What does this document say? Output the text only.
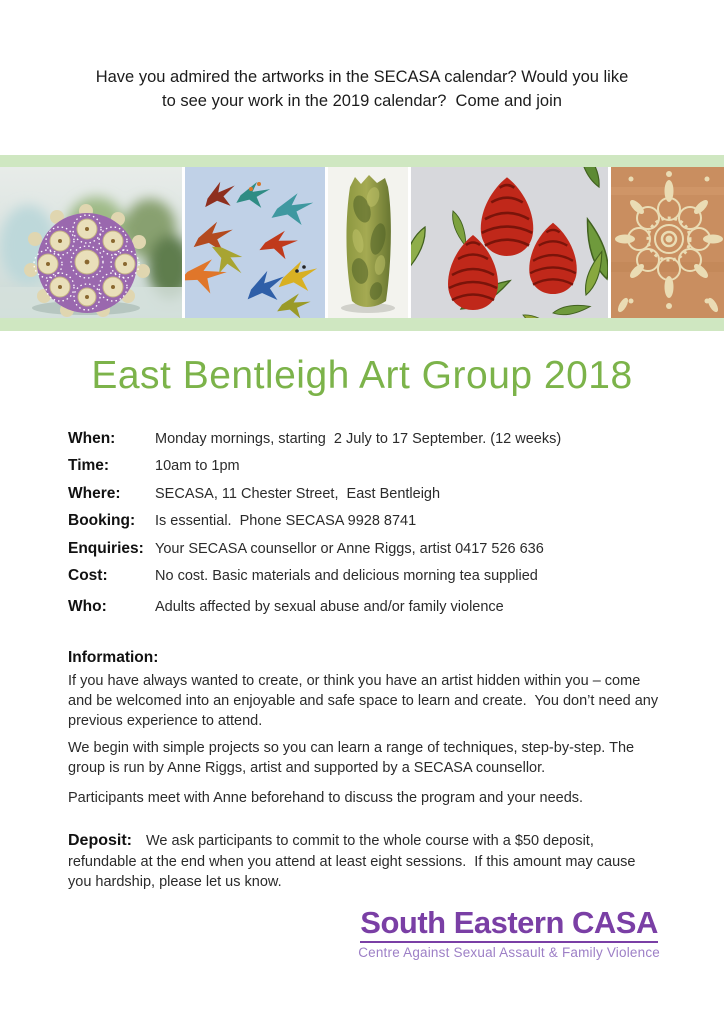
Have you admired the artworks in the SECASA calendar? Would you like
to see your work in the 2019 calendar?  Come and join
East Bentleigh Art Group 2018
When:	Monday mornings, starting  2 July to 17 September. (12 weeks)
Time:	10am to 1pm
Where:	SECASA, 11 Chester Street,  East Bentleigh
Booking:	Is essential.  Phone SECASA 9928 8741
Enquiries: Your SECASA counsellor or Anne Riggs, artist 0417 526 636
Cost:	No cost. Basic materials and delicious morning tea supplied
Who:	Adults affected by sexual abuse and/or family violence
Information:
If you have always wanted to create, or think you have an artist hidden within you – come and be welcomed into an enjoyable and safe space to learn and create.  You don’t need any previous experience to attend.
We begin with simple projects so you can learn a range of techniques, step-by-step. The group is run by Anne Riggs, artist and supported by a SECASA counsellor.
Participants meet with Anne beforehand to discuss the program and your needs.
Deposit: We ask participants to commit to the whole course with a $50 deposit, refundable at the end when you attend at least eight sessions.  If this amount may cause you hardship, please let us know.
South Eastern CASA
Centre Against Sexual Assault & Family Violence
